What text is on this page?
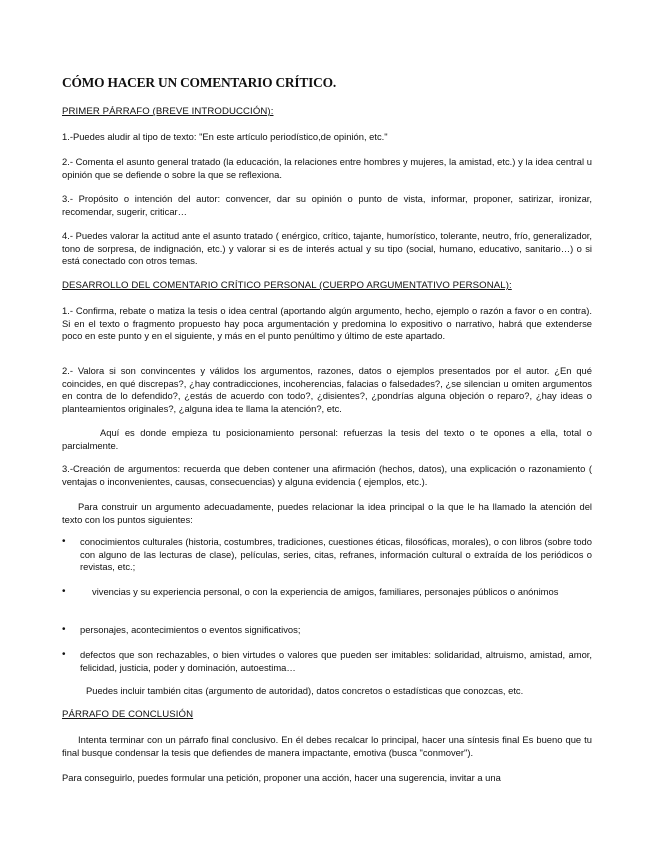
CÓMO HACER UN COMENTARIO CRÍTICO.

PRIMER PÁRRAFO (BREVE INTRODUCCIÓN):

1.-Puedes aludir al tipo de texto: "En este artículo periodístico,de opinión, etc."

2.- Comenta el asunto general tratado (la educación, la relaciones entre hombres y mujeres, la amistad, etc.) y la idea central u opinión que se defiende o sobre la que se reflexiona.

3.- Propósito o intención del autor: convencer, dar su opinión o punto de vista, informar, proponer, satirizar, ironizar, recomendar, sugerir, criticar…

4.- Puedes valorar la actitud ante el asunto tratado ( enérgico, crítico, tajante, humorístico, tolerante, neutro, frío, generalizador, tono de sorpresa, de indignación, etc.) y valorar si es de interés actual y su tipo (social, humano, educativo, sanitario…) o si está conectado con otros temas.

DESARROLLO DEL COMENTARIO CRÍTICO PERSONAL (CUERPO ARGUMENTATIVO PERSONAL):

1.- Confirma, rebate o matiza la tesis o idea central (aportando algún argumento, hecho, ejemplo o razón a favor o en contra). Si en el texto o fragmento propuesto hay poca argumentación y predomina lo expositivo o narrativo, habrá que extenderse poco en este punto y en el siguiente, y más en el punto penúltimo y último de este apartado.

2.- Valora si son convincentes y válidos los argumentos, razones, datos o ejemplos presentados por el autor. ¿En qué coincides, en qué discrepas?, ¿hay contradicciones, incoherencias, falacias o falsedades?, ¿se silencian u omiten argumentos en contra de lo defendido?, ¿estás de acuerdo con todo?, ¿disientes?, ¿pondrías alguna objeción o reparo?, ¿hay ideas o planteamientos originales?, ¿alguna idea te llama la atención?, etc.

Aquí es donde empieza tu posicionamiento personal: refuerzas la tesis del texto o te opones a ella, total o parcialmente.

3.-Creación de argumentos: recuerda que deben contener una afirmación (hechos, datos), una explicación o razonamiento ( ventajas o inconvenientes, causas, consecuencias) y alguna evidencia ( ejemplos, etc.).

Para construir un argumento adecuadamente, puedes relacionar la idea principal o la que le ha llamado la atención del texto con los puntos siguientes:

•	conocimientos culturales (historia, costumbres, tradiciones, cuestiones éticas, filosóficas, morales), o con libros (sobre todo con alguno de las lecturas de clase), películas, series, citas, refranes, información cultural o extraída de los periódicos o revistas, etc.;
•	vivencias y su experiencia personal, o con la experiencia de amigos, familiares, personajes públicos o anónimos
•	personajes, acontecimientos o eventos significativos;
•	defectos que son rechazables, o bien virtudes o valores que pueden ser imitables: solidaridad, altruismo, amistad, amor, felicidad, justicia, poder y dominación, autoestima…

Puedes incluir también citas (argumento de autoridad), datos concretos o estadísticas que conozcas, etc.

PÁRRAFO DE CONCLUSIÓN

Intenta terminar con un párrafo final conclusivo. En él debes recalcar lo principal, hacer una síntesis final Es bueno que tu final busque condensar la tesis que defiendes de manera impactante, emotiva (busca "conmover").

Para conseguirlo, puedes formular una petición, proponer una acción, hacer una sugerencia, invitar a una
